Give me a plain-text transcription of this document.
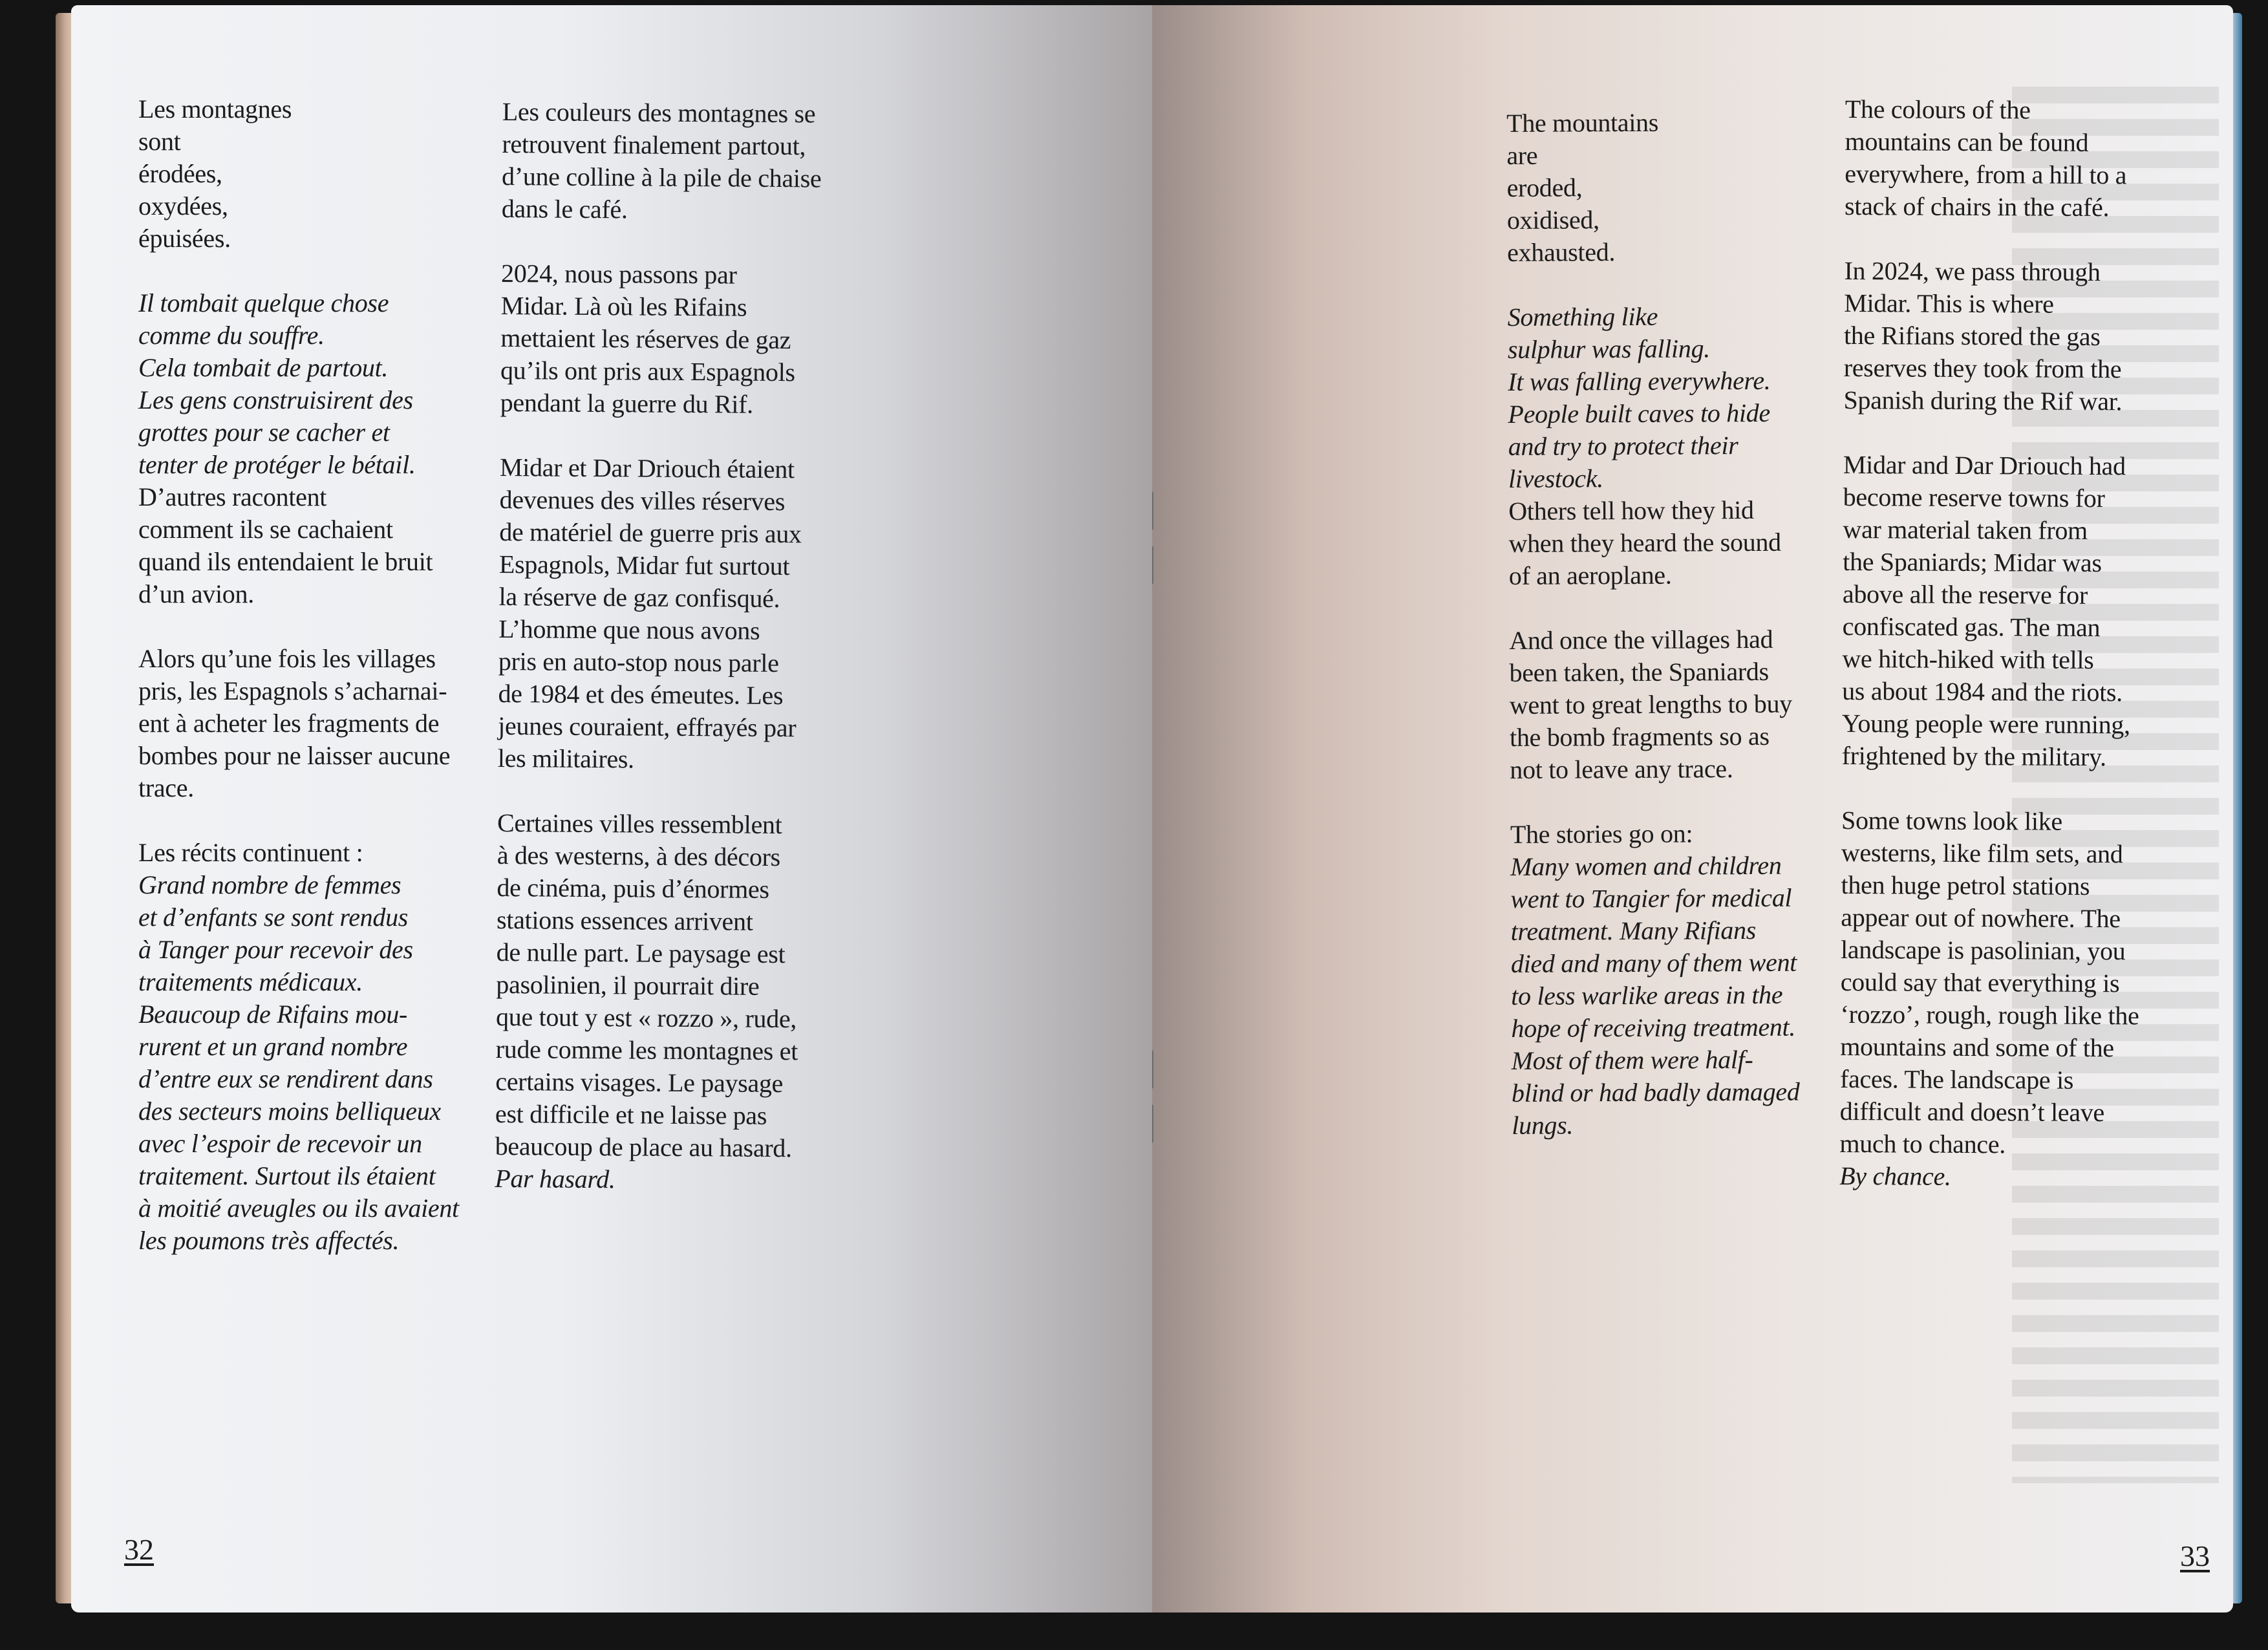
Les montagnes
sont
érodées,
oxydées,
épuisées.
Il tombait quelque chose
comme du souffre.
Cela tombait de partout.
Les gens construisirent des
grottes pour se cacher et
tenter de protéger le bétail.
D’autres racontent
comment ils se cachaient
quand ils entendaient le bruit
d’un avion.
Alors qu’une fois les villages
pris, les Espagnols s’acharnai-
ent à acheter les fragments de
bombes pour ne laisser aucune
trace.
Les récits continuent :
Grand nombre de femmes
et d’enfants se sont rendus
à Tanger pour recevoir des
traitements médicaux.
Beaucoup de Rifains mou-
rurent et un grand nombre
d’entre eux se rendirent dans
des secteurs moins belliqueux
avec l’espoir de recevoir un
traitement. Surtout ils étaient
à moitié aveugles ou ils avaient
les poumons très affectés.
Les couleurs des montagnes se
retrouvent finalement partout,
d’une colline à la pile de chaise
dans le café.
2024, nous passons par
Midar. Là où les Rifains
mettaient les réserves de gaz
qu’ils ont pris aux Espagnols
pendant la guerre du Rif.
Midar et Dar Driouch étaient
devenues des villes réserves
de matériel de guerre pris aux
Espagnols, Midar fut surtout
la réserve de gaz confisqué.
L’homme que nous avons
pris en auto-stop nous parle
de 1984 et des émeutes. Les
jeunes couraient, effrayés par
les militaires.
Certaines villes ressemblent
à des westerns, à des décors
de cinéma, puis d’énormes
stations essences arrivent
de nulle part. Le paysage est
pasolinien, il pourrait dire
que tout y est « rozzo », rude,
rude comme les montagnes et
certains visages. Le paysage
est difficile et ne laisse pas
beaucoup de place au hasard.
Par hasard.
32
The mountains
are
eroded,
oxidised,
exhausted.
Something like
sulphur was falling.
It was falling everywhere.
People built caves to hide
and try to protect their
livestock.
Others tell how they hid
when they heard the sound
of an aeroplane.
And once the villages had
been taken, the Spaniards
went to great lengths to buy
the bomb fragments so as
not to leave any trace.
The stories go on:
Many women and children
went to Tangier for medical
treatment. Many Rifians
died and many of them went
to less warlike areas in the
hope of receiving treatment.
Most of them were half-
blind or had badly damaged
lungs.
The colours of the
mountains can be found
everywhere, from a hill to a
stack of chairs in the café.
In 2024, we pass through
Midar. This is where
the Rifians stored the gas
reserves they took from the
Spanish during the Rif war.
Midar and Dar Driouch had
become reserve towns for
war material taken from
the Spaniards; Midar was
above all the reserve for
confiscated gas. The man
we hitch-hiked with tells
us about 1984 and the riots.
Young people were running,
frightened by the military.
Some towns look like
westerns, like film sets, and
then huge petrol stations
appear out of nowhere. The
landscape is pasolinian, you
could say that everything is
‘rozzo’, rough, rough like the
mountains and some of the
faces. The landscape is
difficult and doesn’t leave
much to chance.
By chance.
33
